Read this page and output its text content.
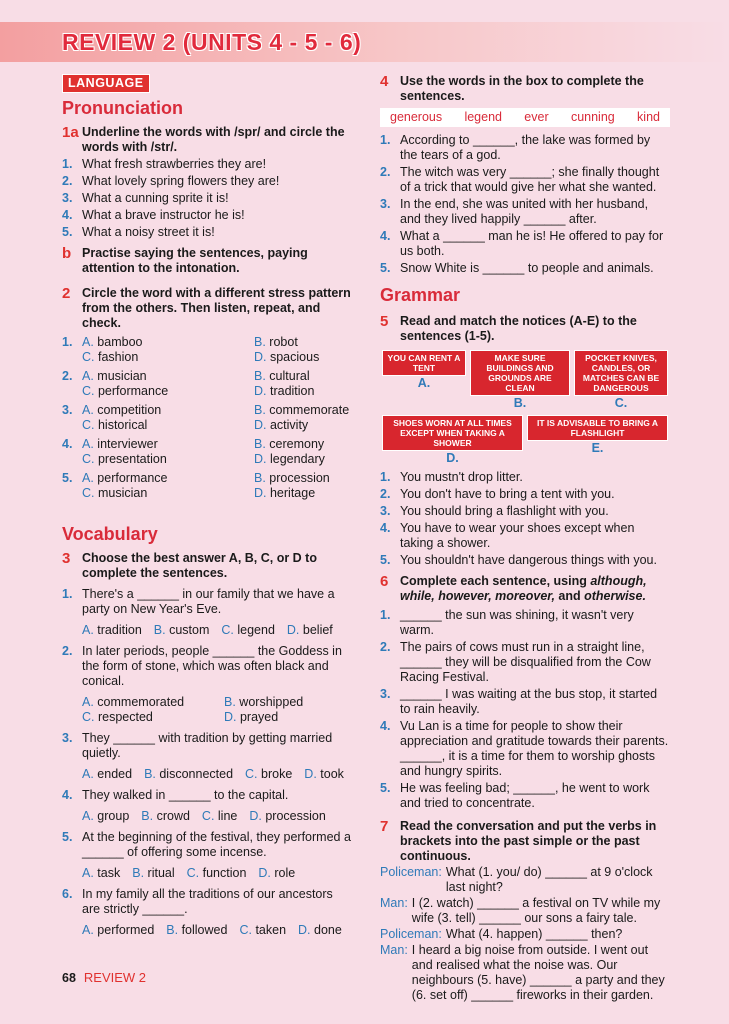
REVIEW 2 (UNITS 4 - 5 - 6)
LANGUAGE
Pronunciation
1a Underline the words with /spr/ and circle the words with /str/.
1. What fresh strawberries they are!
2. What lovely spring flowers they are!
3. What a cunning sprite it is!
4. What a brave instructor he is!
5. What a noisy street it is!
b Practise saying the sentences, paying attention to the intonation.
2 Circle the word with a different stress pattern from the others. Then listen, repeat, and check.
1. A. bamboo	B. robot
C. fashion	D. spacious
2. A. musician	B. cultural
C. performance	D. tradition
3. A. competition	B. commemorate
C. historical	D. activity
4. A. interviewer	B. ceremony
C. presentation	D. legendary
5. A. performance	B. procession
C. musician	D. heritage
Vocabulary
3 Choose the best answer A, B, C, or D to complete the sentences.
1. There's a ______ in our family that we have a party on New Year's Eve.
A. tradition B. custom C. legend D. belief
2. In later periods, people ______ the Goddess in the form of stone, which was often black and conical.
A. commemorated	B. worshipped
C. respected	D. prayed
3. They ______ with tradition by getting married quietly.
A. ended B. disconnected C. broke D. took
4. They walked in ______ to the capital.
A. group B. crowd C. line D. procession
5. At the beginning of the festival, they performed a ______ of offering some incense.
A. task B. ritual C. function D. role
6. In my family all the traditions of our ancestors are strictly ______.
A. performed B. followed C. taken D. done
4 Use the words in the box to complete the sentences.
generous legend ever cunning kind
1. According to ______, the lake was formed by the tears of a god.
2. The witch was very ______; she finally thought of a trick that would give her what she wanted.
3. In the end, she was united with her husband, and they lived happily ______ after.
4. What a ______ man he is! He offered to pay for us both.
5. Snow White is ______ to people and animals.
Grammar
5 Read and match the notices (A-E) to the sentences (1-5).
YOU CAN RENT A TENT
A.
MAKE SURE BUILDINGS AND GROUNDS ARE CLEAN
B.
POCKET KNIVES, CANDLES, OR MATCHES CAN BE DANGEROUS
C.
SHOES WORN AT ALL TIMES EXCEPT WHEN TAKING A SHOWER
D.
IT IS ADVISABLE TO BRING A FLASHLIGHT
E.
1. You mustn't drop litter.
2. You don't have to bring a tent with you.
3. You should bring a flashlight with you.
4. You have to wear your shoes except when taking a shower.
5. You shouldn't have dangerous things with you.
6 Complete each sentence, using although, while, however, moreover, and otherwise.
1. ______ the sun was shining, it wasn't very warm.
2. The pairs of cows must run in a straight line, ______ they will be disqualified from the Cow Racing Festival.
3. ______ I was waiting at the bus stop, it started to rain heavily.
4. Vu Lan is a time for people to show their appreciation and gratitude towards their parents. ______, it is a time for them to worship ghosts and hungry spirits.
5. He was feeling bad; ______, he went to work and tried to concentrate.
7 Read the conversation and put the verbs in brackets into the past simple or the past continuous.
Policeman: What (1. you/ do) ______ at 9 o'clock last night?
Man: I (2. watch) ______ a festival on TV while my wife (3. tell) ______ our sons a fairy tale.
Policeman: What (4. happen) ______ then?
Man: I heard a big noise from outside. I went out and realised what the noise was. Our neighbours (5. have) ______ a party and they (6. set off) ______ fireworks in their garden.
68 REVIEW 2
